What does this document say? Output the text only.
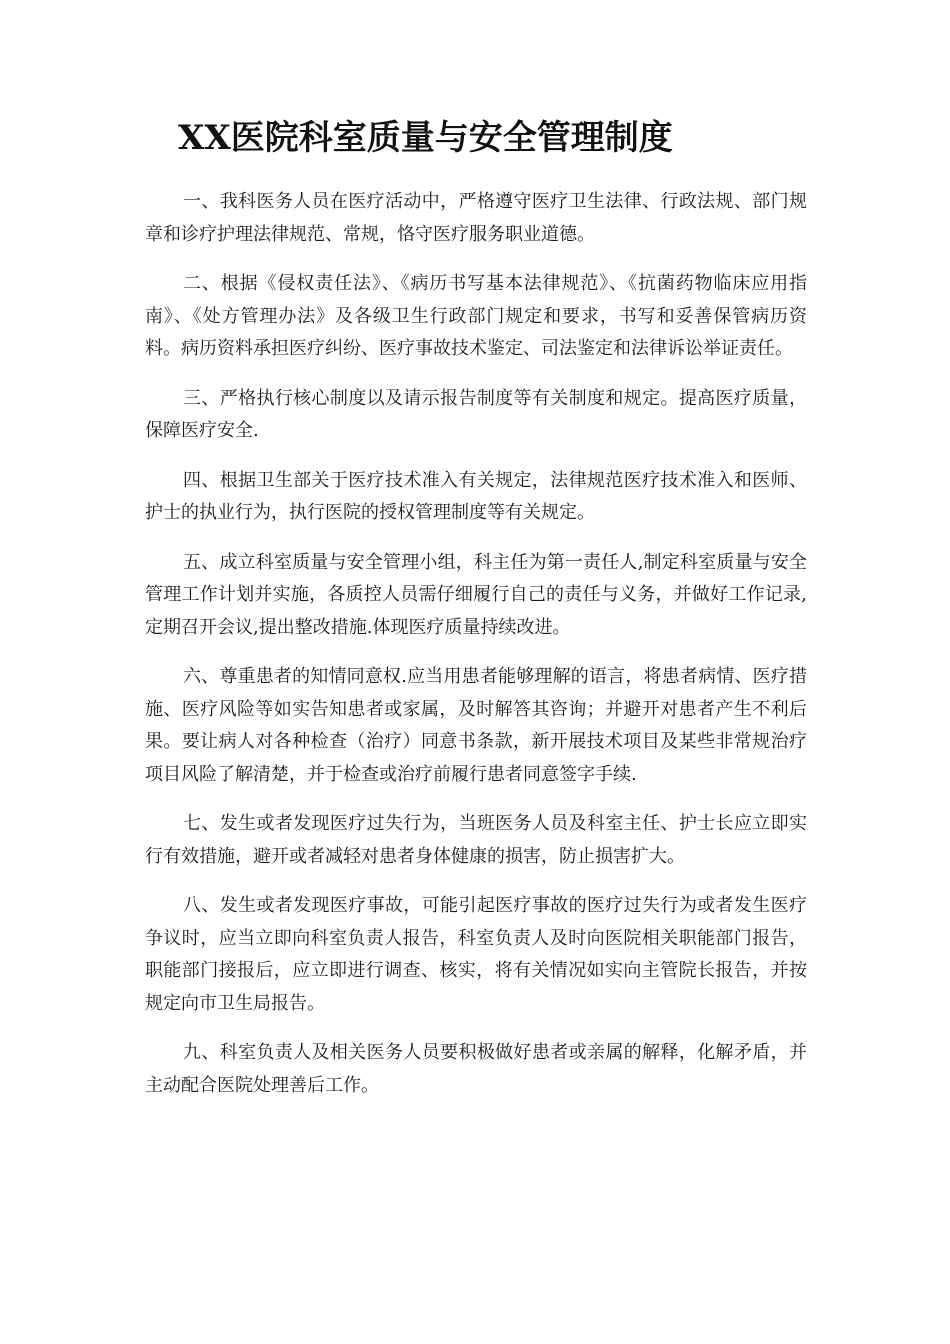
XX医院科室质量与安全管理制度

一、我科医务人员在医疗活动中，严格遵守医疗卫生法律、行政法规、部门规章和诊疗护理法律规范、常规，恪守医疗服务职业道德。

二、根据《侵权责任法》、《病历书写基本法律规范》、《抗菌药物临床应用指南》、《处方管理办法》及各级卫生行政部门规定和要求，书写和妥善保管病历资料。病历资料承担医疗纠纷、医疗事故技术鉴定、司法鉴定和法律诉讼举证责任。

三、严格执行核心制度以及请示报告制度等有关制度和规定。提高医疗质量，保障医疗安全.

四、根据卫生部关于医疗技术准入有关规定，法律规范医疗技术准入和医师、护士的执业行为，执行医院的授权管理制度等有关规定。

五、成立科室质量与安全管理小组，科主任为第一责任人,制定科室质量与安全管理工作计划并实施，各质控人员需仔细履行自己的责任与义务，并做好工作记录,定期召开会议,提出整改措施.体现医疗质量持续改进。

六、尊重患者的知情同意权.应当用患者能够理解的语言，将患者病情、医疗措施、医疗风险等如实告知患者或家属，及时解答其咨询；并避开对患者产生不利后果。要让病人对各种检查（治疗）同意书条款，新开展技术项目及某些非常规治疗项目风险了解清楚，并于检查或治疗前履行患者同意签字手续.

七、发生或者发现医疗过失行为，当班医务人员及科室主任、护士长应立即实行有效措施，避开或者减轻对患者身体健康的损害，防止损害扩大。

八、发生或者发现医疗事故，可能引起医疗事故的医疗过失行为或者发生医疗争议时，应当立即向科室负责人报告，科室负责人及时向医院相关职能部门报告，职能部门接报后，应立即进行调查、核实，将有关情况如实向主管院长报告，并按规定向市卫生局报告。

九、科室负责人及相关医务人员要积极做好患者或亲属的解释，化解矛盾，并主动配合医院处理善后工作。
